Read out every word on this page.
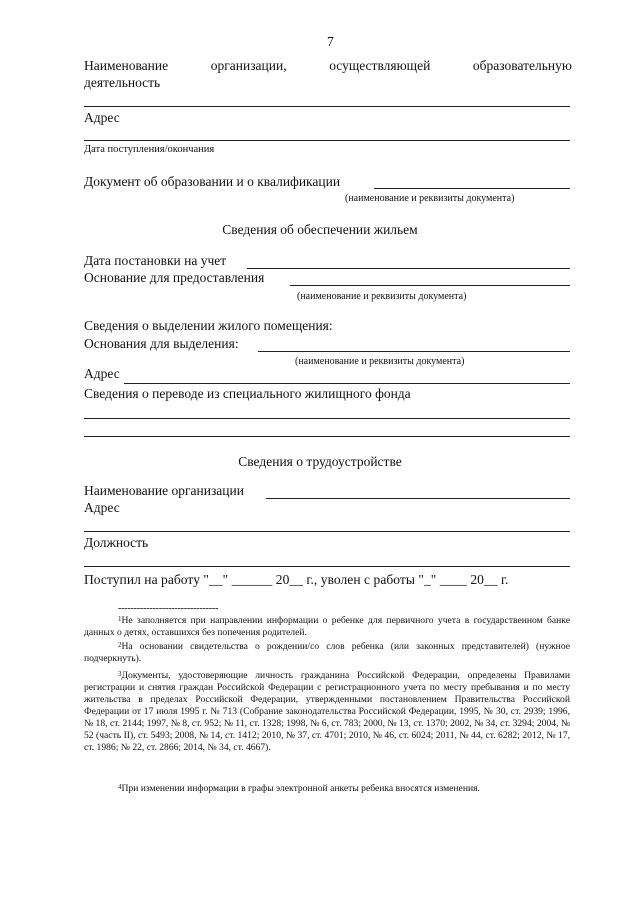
7
Наименование	организации,	осуществляющей	образовательную
деятельность
Адрес
Дата поступления/окончания
Документ об образовании и о квалификации
(наименование и реквизиты документа)
Сведения об обеспечении жильем
Дата постановки на учет
Основание для предоставления
(наименование и реквизиты документа)
Сведения о выделении жилого помещения:
Основания для выделения:
(наименование и реквизиты документа)
Адрес
Сведения о переводе из специального жилищного фонда
Сведения о трудоустройстве
Наименование организации
Адрес
Должность
Поступил на работу "__" ______ 20__ г., уволен с работы "_" ____ 20__ г.
--------------------------------
$^1$Не заполняется при направлении информации о ребенке для первичного учета в государственном банке данных о детях, оставшихся без попечения родителей.
$^2$На основании свидетельства о рождении/со слов ребенка (или законных представителей) (нужное подчеркнуть).
$^3$Документы, удостоверяющие личность гражданина Российской Федерации, определены Правилами регистрации и снятия граждан Российской Федерации с регистрационного учета по месту пребывания и по месту жительства в пределах Российской Федерации, утвержденными постановлением Правительства Российской Федерации от 17 июля 1995 г. № 713 (Собрание законодательства Российской Федерации, 1995, № 30, ст. 2939; 1996, № 18, ст. 2144; 1997, № 8, ст. 952; № 11, ст. 1328; 1998, № 6, ст. 783; 2000, № 13, ст. 1370; 2002, № 34, ст. 3294; 2004, № 52 (часть II), ст. 5493; 2008, № 14, ст. 1412; 2010, № 37, ст. 4701; 2010, № 46, ст. 6024; 2011, № 44, ст. 6282; 2012, № 17, ст. 1986; № 22, ст. 2866; 2014, № 34, ст. 4667).
$^4$При изменении информации в графы электронной анкеты ребенка вносятся изменения.
